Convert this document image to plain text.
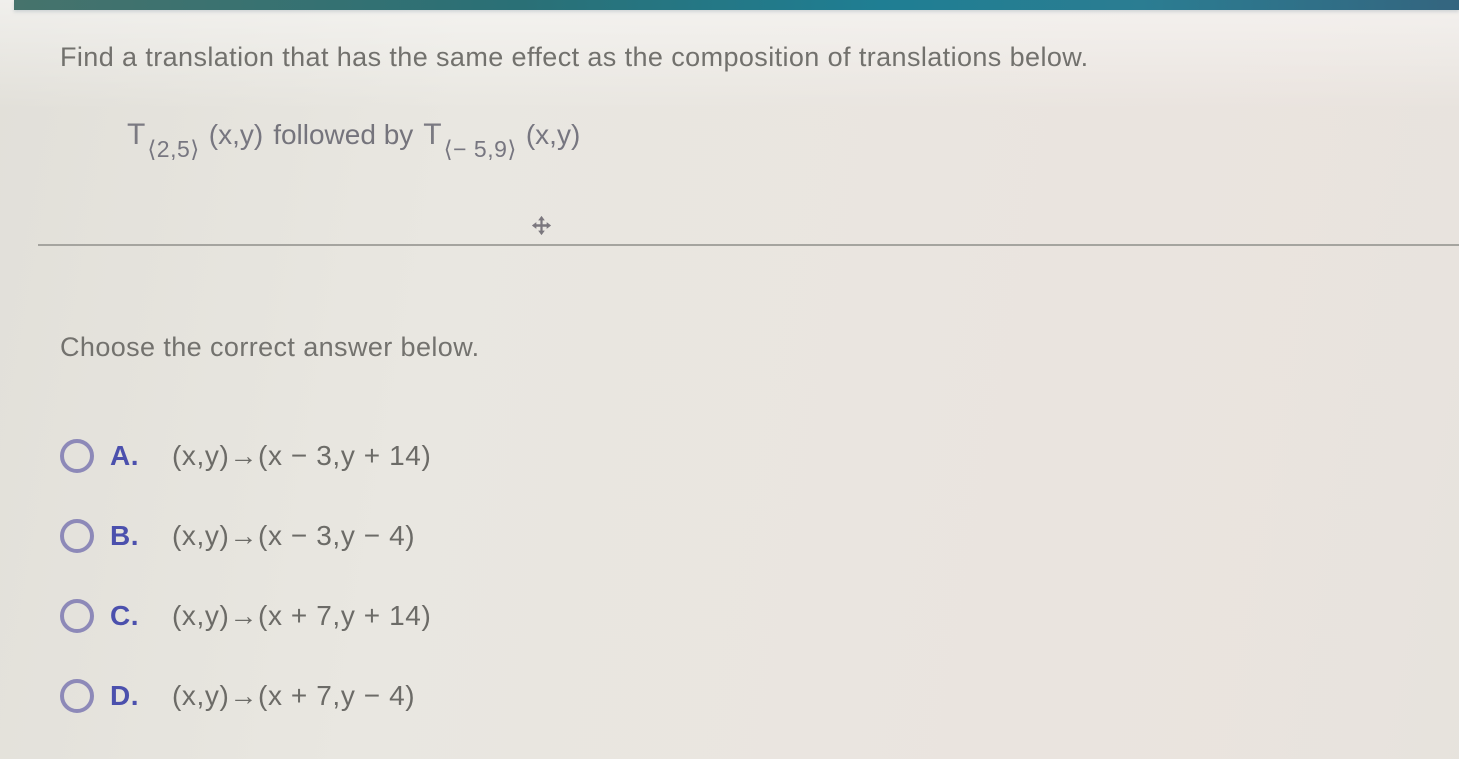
Find a translation that has the same effect as the composition of translations below.
T⟨2,5⟩ (x,y) followed by T⟨− 5,9⟩ (x,y)
Choose the correct answer below.
A. (x,y)→(x − 3,y + 14)
B. (x,y)→(x − 3,y − 4)
C. (x,y)→(x + 7,y + 14)
D. (x,y)→(x + 7,y − 4)
